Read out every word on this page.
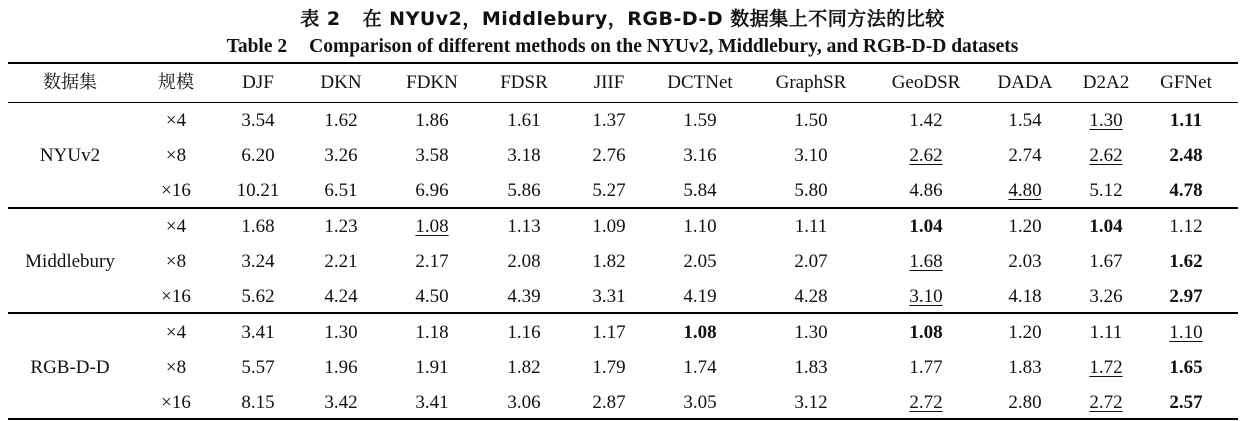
表 2 在 NYUv2，Middlebury，RGB-D-D 数据集上不同方法的比较
Table 2 Comparison of different methods on the NYUv2, Middlebury, and RGB-D-D datasets
数据集	规模	DJF DKN FDKN FDSR JIIF DCTNet GraphSR GeoDSR DADA D2A2 GFNet
NYUv2
×4	3.54	1.62	1.86	1.61	1.37	1.59	1.50	1.42	1.54	1.30 1.11
×8	6.20	3.26	3.58	3.18	2.76	3.16	3.10	2.62	2.74	2.62 2.48
×16 10.21 6.51	6.96	5.86	5.27	5.84	5.80	4.86	4.80	5.12 4.78
Middlebury
×4	1.68	1.23	1.08	1.13	1.09	1.10	1.11	1.04	1.20	1.04 1.12
×8	3.24	2.21	2.17	2.08	1.82	2.05	2.07	1.68	2.03	1.67 1.62
×16	5.62	4.24	4.50	4.39	3.31	4.19	4.28	3.10	4.18	3.26 2.97
RGB-D-D
×4	3.41	1.30	1.18	1.16	1.17	1.08	1.30	1.08	1.20	1.11 1.10
×8	5.57	1.96	1.91	1.82	1.79	1.74	1.83	1.77	1.83	1.72 1.65
×16	8.15	3.42	3.41	3.06	2.87	3.05	3.12	2.72	2.80	2.72 2.57
